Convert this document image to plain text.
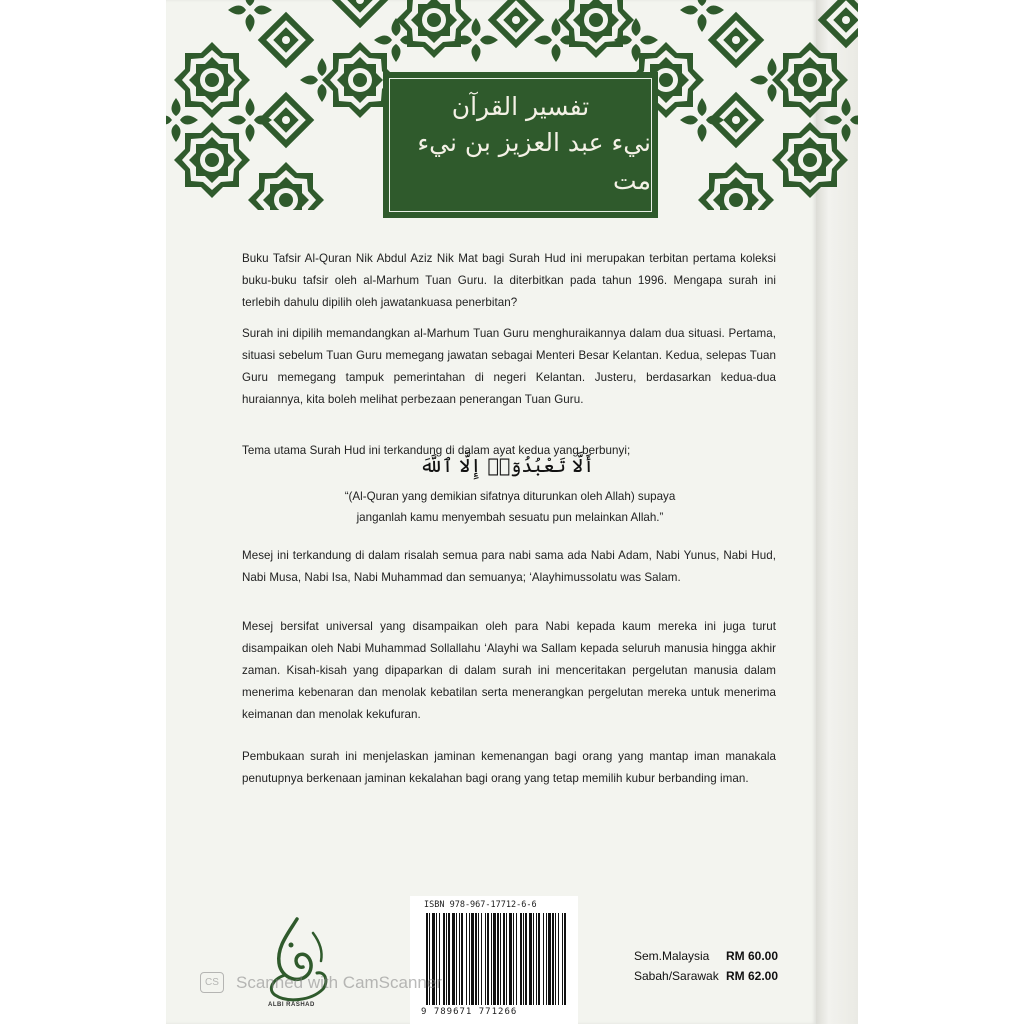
تفسير القرآن
نيء عبد العزيز بن نيء مت
Buku Tafsir Al-Quran Nik Abdul Aziz Nik Mat bagi Surah Hud ini merupakan terbitan pertama koleksi buku-buku tafsir oleh al-Marhum Tuan Guru. Ia diterbitkan pada tahun 1996. Mengapa surah ini terlebih dahulu dipilih oleh jawatankuasa penerbitan?
Surah ini dipilih memandangkan al-Marhum Tuan Guru menghuraikannya dalam dua situasi. Pertama, situasi sebelum Tuan Guru memegang jawatan sebagai Menteri Besar Kelantan. Kedua, selepas Tuan Guru memegang tampuk pemerintahan di negeri Kelantan. Justeru, berdasarkan kedua-dua huraiannya, kita boleh melihat perbezaan penerangan Tuan Guru.
Tema utama Surah Hud ini terkandung di dalam ayat kedua yang berbunyi;
أَلَّا تَعْبُدُوٓا۟ إِلَّا ٱللَّهَ
“(Al-Quran yang demikian sifatnya diturunkan oleh Allah) supaya
janganlah kamu menyembah sesuatu pun melainkan Allah.”
Mesej ini terkandung di dalam risalah semua para nabi sama ada Nabi Adam, Nabi Yunus, Nabi Hud, Nabi Musa, Nabi Isa, Nabi Muhammad dan semuanya; ‘Alayhimussolatu was Salam.
Mesej bersifat universal yang disampaikan oleh para Nabi kepada kaum mereka ini juga turut disampaikan oleh Nabi Muhammad Sollallahu ‘Alayhi wa Sallam kepada seluruh manusia hingga akhir zaman. Kisah-kisah yang dipaparkan di dalam surah ini menceritakan pergelutan manusia dalam menerima kebenaran dan menolak kebatilan serta menerangkan pergelutan mereka untuk menerima keimanan dan menolak kekufuran.
Pembukaan surah ini menjelaskan jaminan kemenangan bagi orang yang mantap iman manakala penutupnya berkenaan jaminan kekalahan bagi orang yang tetap memilih kubur berbanding iman.
ALBI RASHAD
ISBN 978-967-17712-6-6
9 789671 771266
Sem.Malaysia	RM 60.00
Sabah/Sarawak RM 62.00
CS Scanned with CamScanner
